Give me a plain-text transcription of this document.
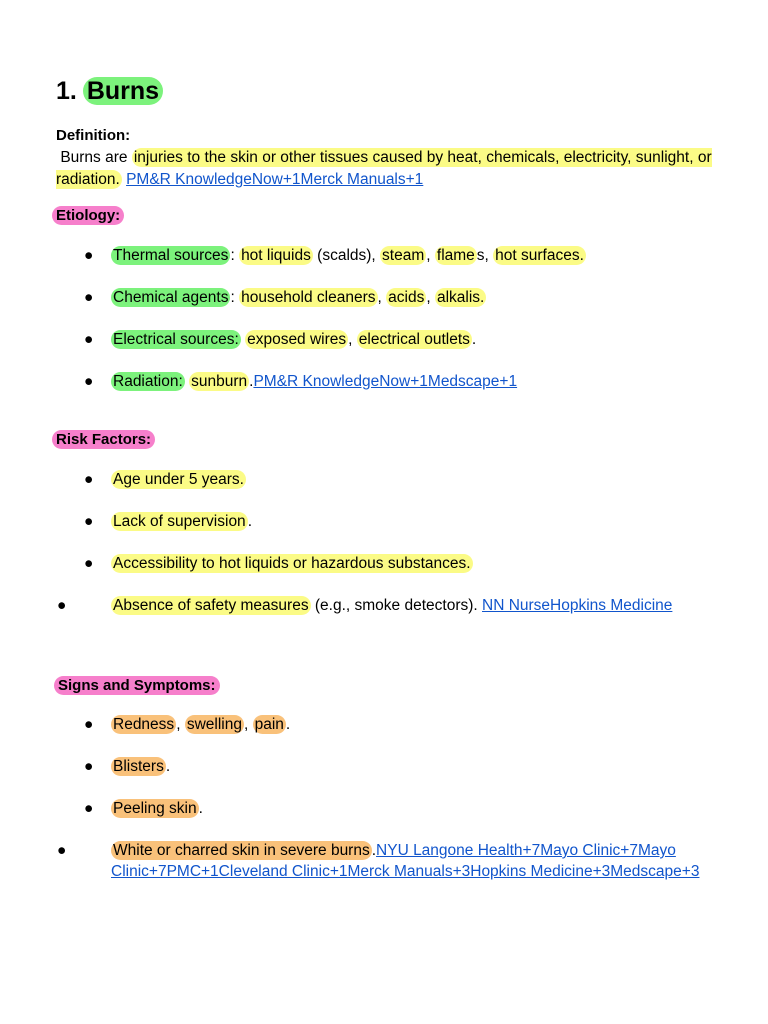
1. Burns
Definition:
Burns are injuries to the skin or other tissues caused by heat, chemicals, electricity, sunlight, or radiation. PM&R KnowledgeNow+1Merck Manuals+1
Etiology:
● Thermal sources : hot liquids (scalds), steam , flame s, hot surfaces.
● Chemical agents : household cleaners , acids , alkalis.
● Electrical sources: exposed wires , electrical outlets .
● Radiation: sunburn .PM&R KnowledgeNow+1Medscape+1
Risk Factors:
● Age under 5 years.
● Lack of supervision .
● Accessibility to hot liquids or hazardous substances.
●	Absence of safety measures (e.g., smoke detectors). NN NurseHopkins Medicine
Signs and Symptoms:
● Redness , swelling , pain .
● Blisters .
● Peeling skin .
●	White or charred skin in severe burns .NYU Langone Health+7Mayo Clinic+7Mayo Clinic+7PMC+1Cleveland Clinic+1Merck Manuals+3Hopkins Medicine+3Medscape+3
